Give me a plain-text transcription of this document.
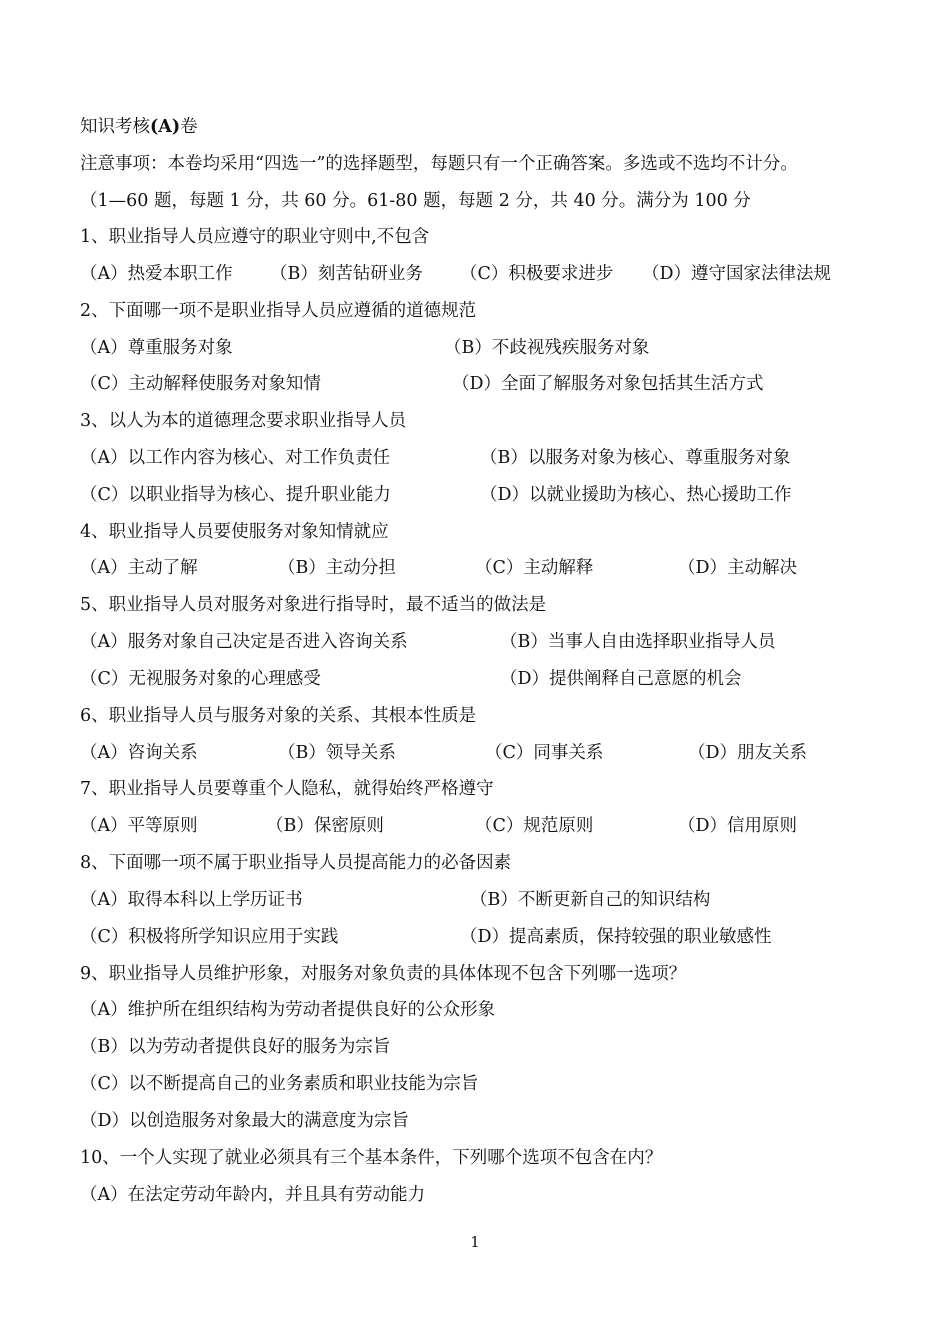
知识考核(A)卷
注意事项：本卷均采用“四选一”的选择题型，每题只有一个正确答案。多选或不选均不计分。
（1—60 题，每题 1 分，共 60 分。61-80 题，每题 2 分，共 40 分。满分为 100 分
1、职业指导人员应遵守的职业守则中,不包含
（A）热爱本职工作 （B）刻苦钻研业务 （C）积极要求进步 （D）遵守国家法律法规
2、下面哪一项不是职业指导人员应遵循的道德规范
（A）尊重服务对象	（B）不歧视残疾服务对象
（C）主动解释使服务对象知情	（D）全面了解服务对象包括其生活方式
3、以人为本的道德理念要求职业指导人员
（A）以工作内容为核心、对工作负责任	（B）以服务对象为核心、尊重服务对象
（C）以职业指导为核心、提升职业能力	（D）以就业援助为核心、热心援助工作
4、职业指导人员要使服务对象知情就应
（A）主动了解	（B）主动分担	（C）主动解释	（D）主动解决
5、职业指导人员对服务对象进行指导时，最不适当的做法是
（A）服务对象自己决定是否进入咨询关系	（B）当事人自由选择职业指导人员
（C）无视服务对象的心理感受	（D）提供阐释自己意愿的机会
6、职业指导人员与服务对象的关系、其根本性质是
（A）咨询关系	（B）领导关系	（C）同事关系	（D）朋友关系
7、职业指导人员要尊重个人隐私，就得始终严格遵守
（A）平等原则	（B）保密原则	（C）规范原则	（D）信用原则
8、下面哪一项不属于职业指导人员提高能力的必备因素
（A）取得本科以上学历证书	（B）不断更新自己的知识结构
（C）积极将所学知识应用于实践	（D）提高素质，保持较强的职业敏感性
9、职业指导人员维护形象，对服务对象负责的具体体现不包含下列哪一选项？
（A）维护所在组织结构为劳动者提供良好的公众形象
（B）以为劳动者提供良好的服务为宗旨
（C）以不断提高自己的业务素质和职业技能为宗旨
（D）以创造服务对象最大的满意度为宗旨
10、一个人实现了就业必须具有三个基本条件，下列哪个选项不包含在内？
（A）在法定劳动年龄内，并且具有劳动能力
1
